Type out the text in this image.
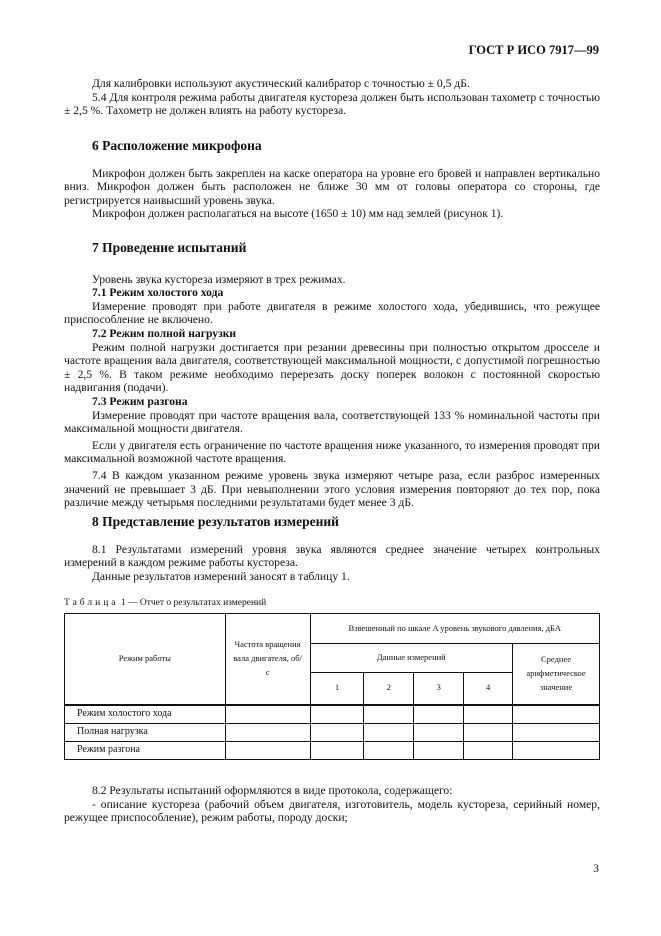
ГОСТ Р ИСО 7917—99

Для калибровки используют акустический калибратор с точностью ± 0,5 дБ.

5.4 Для контроля режима работы двигателя кустореза должен быть использован тахометр с точностью ± 2,5 %. Тахометр не должен влиять на работу кустореза.

6 Расположение микрофона

Микрофон должен быть закреплен на каске оператора на уровне его бровей и направлен вертикально вниз. Микрофон должен быть расположен не ближе 30 мм от головы оператора со стороны, где регистрируется наивысший уровень звука.

Микрофон должен располагаться на высоте (1650 ± 10) мм над землей (рисунок 1).

7 Проведение испытаний

Уровень звука кустореза измеряют в трех режимах.

7.1 Режим холостого хода

Измерение проводят при работе двигателя в режиме холостого хода, убедившись, что режущее приспособление не включено.

7.2 Режим полной нагрузки

Режим полной нагрузки достигается при резании древесины при полностью открытом дросселе и частоте вращения вала двигателя, соответствующей максимальной мощности, с допустимой погрешностью ± 2,5 %. В таком режиме необходимо перерезать доску поперек волокон с постоянной скоростью надвигания (подачи).

7.3 Режим разгона

Измерение проводят при частоте вращения вала, соответствующей 133 % номинальной частоты при максимальной мощности двигателя.

Если у двигателя есть ограничение по частоте вращения ниже указанного, то измерения проводят при максимальной возможной частоте вращения.

7.4 В каждом указанном режиме уровень звука измеряют четыре раза, если разброс измеренных значений не превышает 3 дБ. При невыполнении этого условия измерения повторяют до тех пор, пока различие между четырьмя последними результатами будет менее 3 дБ.

8 Представление результатов измерений

8.1 Результатами измерений уровня звука являются среднее значение четырех контрольных измерений в каждом режиме работы кустореза.

Данные результатов измерений заносят в таблицу 1.

Таблица 1 — Отчет о результатах измерений
Режим работы	Частота вращения вала двигателя, об/с	Взвешенный по шкале A уровень звукового давления, дБA				
		Данные измерений				Среднее арифметическое значение
		1	2	3	4	
Режим холостого хода						
Полная нагрузка						
Режим разгона						

8.2 Результаты испытаний оформляются в виде протокола, содержащего:

- описание кустореза (рабочий объем двигателя, изготовитель, модель кустореза, серийный номер, режущее приспособление), режим работы, породу доски;

3
